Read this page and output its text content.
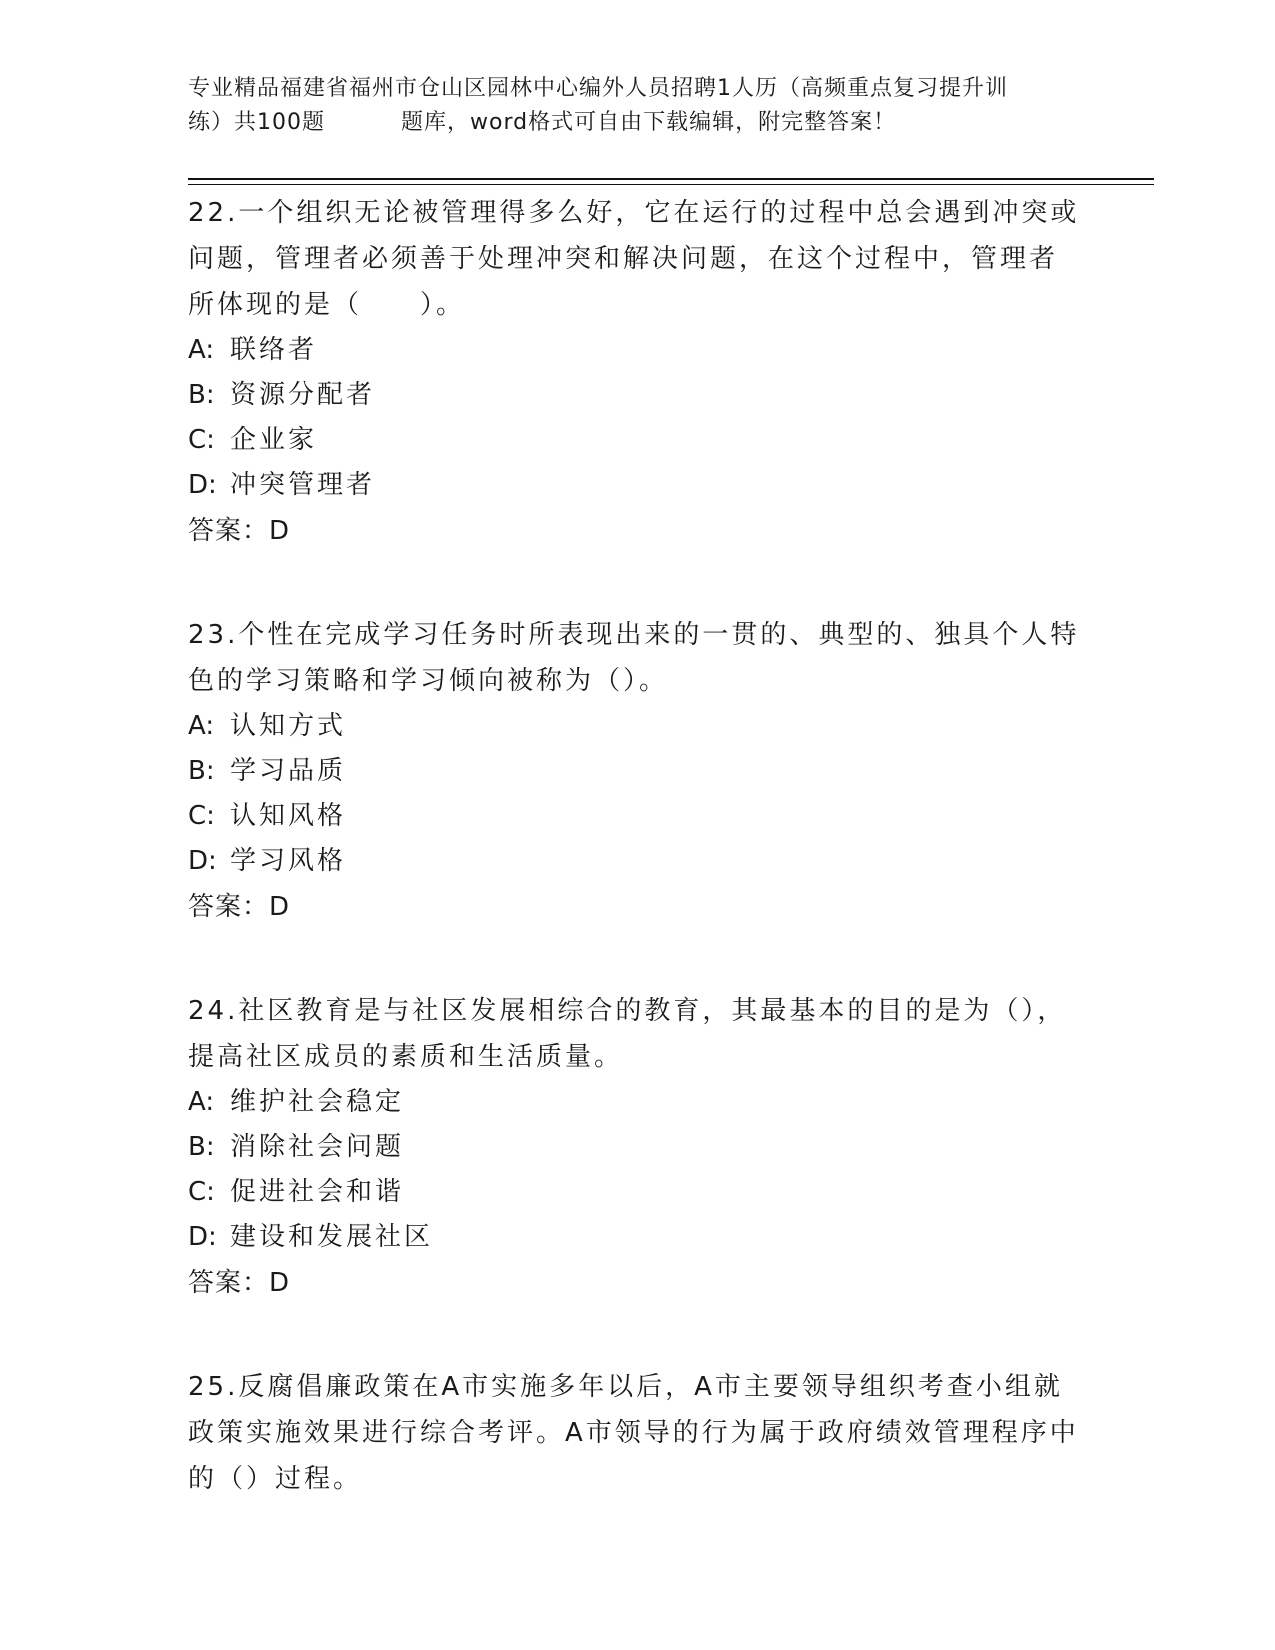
专业精品福建省福州市仓山区园林中心编外人员招聘1人历（高频重点复习提升训
练）共100题	题库，word格式可自由下载编辑，附完整答案！

22.一个组织无论被管理得多么好，它在运行的过程中总会遇到冲突或

问题，管理者必须善于处理冲突和解决问题，在这个过程中，管理者

所体现的是（　　）。

A: 联络者

B: 资源分配者

C: 企业家

D: 冲突管理者

答案：D

23.个性在完成学习任务时所表现出来的一贯的、典型的、独具个人特

色的学习策略和学习倾向被称为（）。

A: 认知方式

B: 学习品质

C: 认知风格

D: 学习风格

答案：D

24.社区教育是与社区发展相综合的教育，其最基本的目的是为（），

提高社区成员的素质和生活质量。

A: 维护社会稳定

B: 消除社会问题

C: 促进社会和谐

D: 建设和发展社区

答案：D

25.反腐倡廉政策在A市实施多年以后，A市主要领导组织考查小组就

政策实施效果进行综合考评。A市领导的行为属于政府绩效管理程序中

的（）过程。
